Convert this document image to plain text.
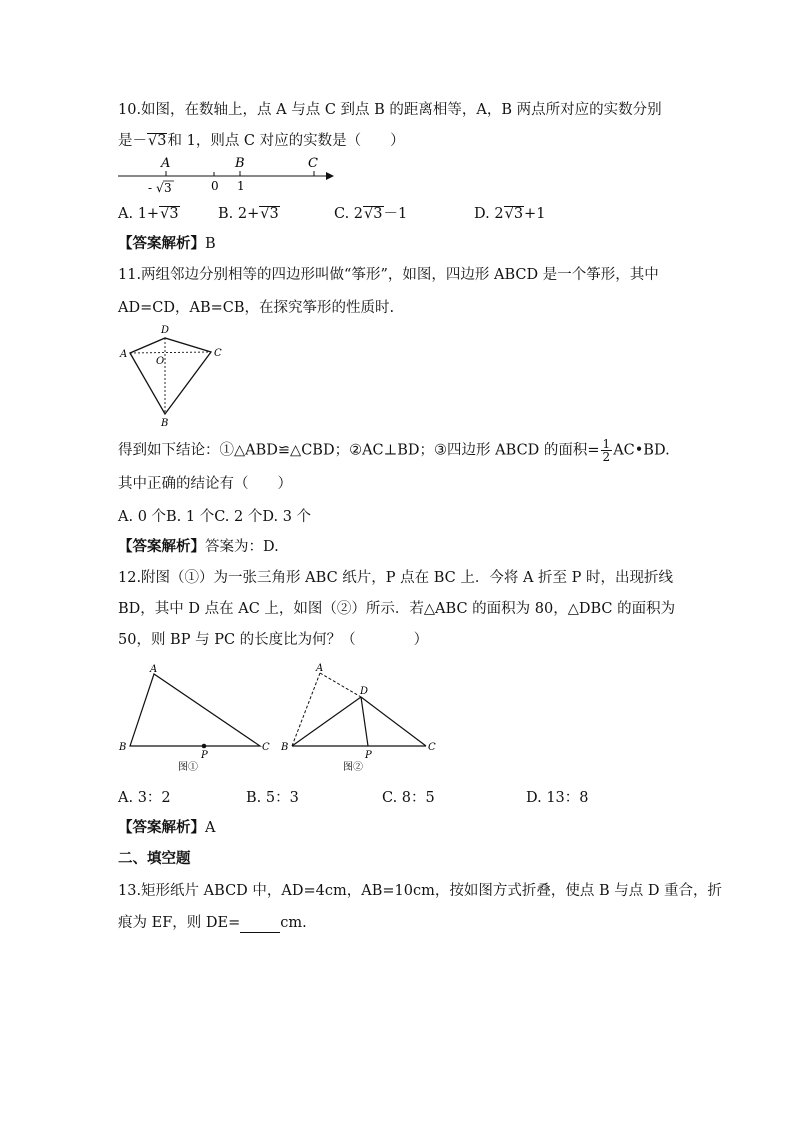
10.如图，在数轴上，点 A 与点 C 到点 B 的距离相等，A，B 两点所对应的实数分别
是－√3和 1，则点 C 对应的实数是（　　）
A	B	C
- √ 3	0 1
A. 1+√3	B. 2+√3	C. 2√3－1	D. 2√3+1
【答案解析】B
11.两组邻边分别相等的四边形叫做“筝形”，如图，四边形 ABCD 是一个筝形，其中
AD=CD，AB=CB，在探究筝形的性质时.
A
D
C
B
O
得到如下结论：①△ABD≌△CBD；②AC⊥BD；③四边形 ABCD 的面积= $\frac{1}{2}$ AC•BD.
其中正确的结论有（　　）
A. 0 个B. 1 个C. 2 个D. 3 个
【答案解析】答案为：D.
12.附图（①）为一张三角形 ABC 纸片，P 点在 BC 上．今将 A 折至 P 时，出现折线
BD，其中 D 点在 AC 上，如图（②）所示．若△ABC 的面积为 80，△DBC 的面积为
50，则 BP 与 PC 的长度比为何？（　　　　）
A
B	C
P
图①
A
B	C
D
P
图②
A. 3：2	B. 5：3	C. 8：5	D. 13：8
【答案解析】A
二、填空题
13.矩形纸片 ABCD 中，AD=4cm，AB=10cm，按如图方式折叠，使点 B 与点 D 重合，折
痕为 EF，则 DE=	cm.
